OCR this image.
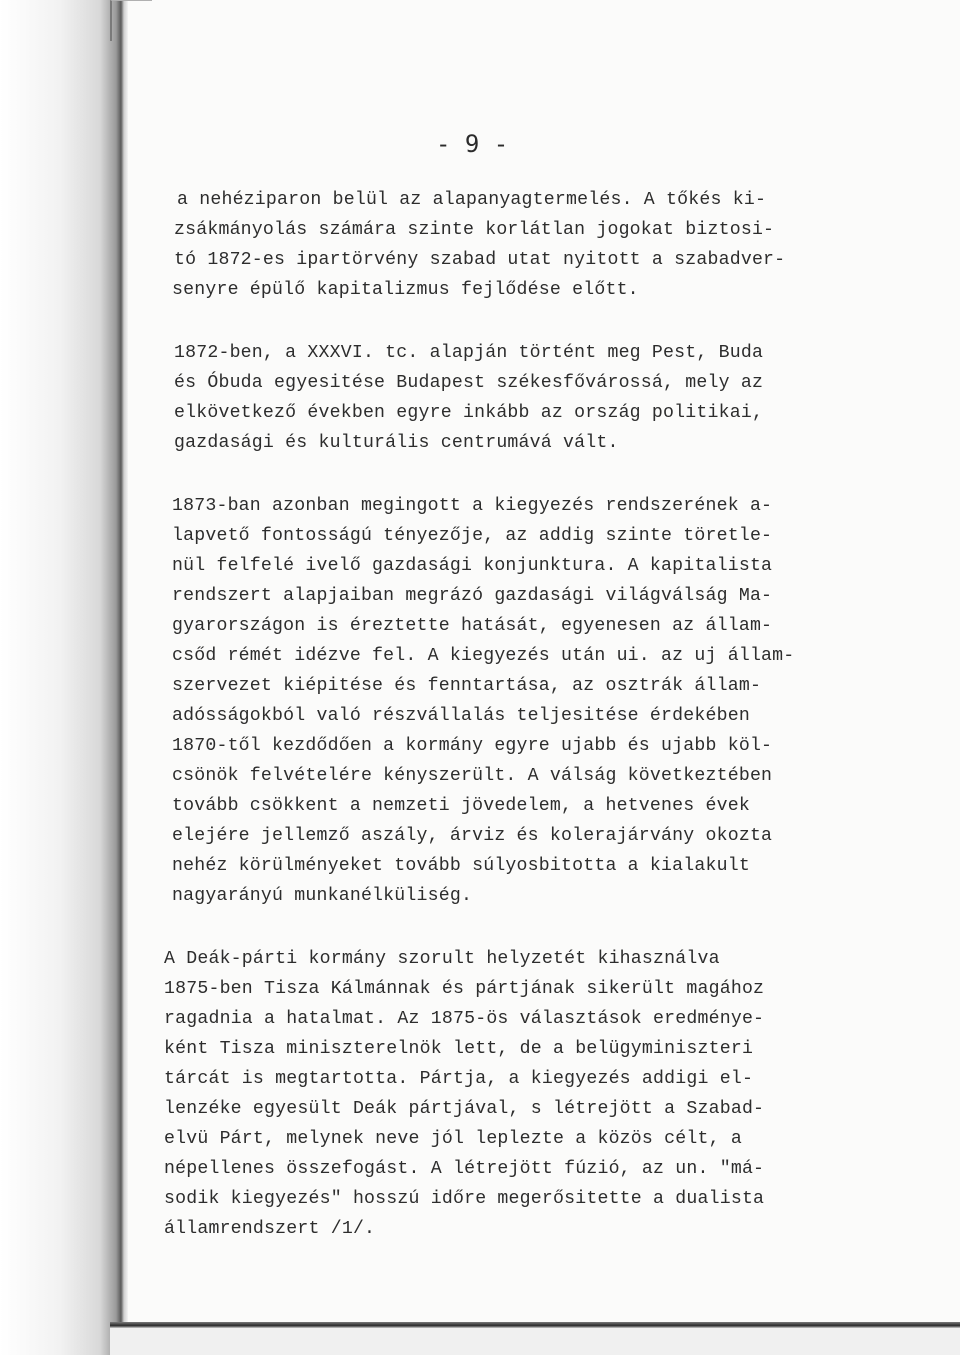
- 9 -
a nehéziparon belül az alapanyagtermelés. A tőkés ki-
zsákmányolás számára szinte korlátlan jogokat biztosi-
tó 1872-es ipartörvény szabad utat nyitott a szabadver-
senyre épülő kapitalizmus fejlődése előtt.
1872-ben, a XXXVI. tc. alapján történt meg Pest, Buda
és Óbuda egyesitése Budapest székesfővárossá, mely az
elkövetkező években egyre inkább az ország politikai,
gazdasági és kulturális centrumává vált.
1873-ban azonban megingott a kiegyezés rendszerének a-
lapvető fontosságú tényezője, az addig szinte töretle-
nül felfelé ivelő gazdasági konjunktura. A kapitalista
rendszert alapjaiban megrázó gazdasági világválság Ma-
gyarországon is éreztette hatását, egyenesen az állam-
csőd rémét idézve fel. A kiegyezés után ui. az uj állam-
szervezet kiépitése és fenntartása, az osztrák állam-
adósságokból való részvállalás teljesitése érdekében
1870-től kezdődően a kormány egyre ujabb és ujabb köl-
csönök felvételére kényszerült. A válság következtében
tovább csökkent a nemzeti jövedelem, a hetvenes évek
elejére jellemző aszály, árviz és kolerajárvány okozta
nehéz körülményeket tovább súlyosbitotta a kialakult
nagyarányú munkanélküliség.
A Deák-párti kormány szorult helyzetét kihasználva
1875-ben Tisza Kálmánnak és pártjának sikerült magához
ragadnia a hatalmat. Az 1875-ös választások eredménye-
ként Tisza miniszterelnök lett, de a belügyminiszteri
tárcát is megtartotta. Pártja, a kiegyezés addigi el-
lenzéke egyesült Deák pártjával, s létrejött a Szabad-
elvü Párt, melynek neve jól leplezte a közös célt, a
népellenes összefogást. A létrejött fúzió, az un. "má-
sodik kiegyezés" hosszú időre megerősitette a dualista
államrendszert /1/.
